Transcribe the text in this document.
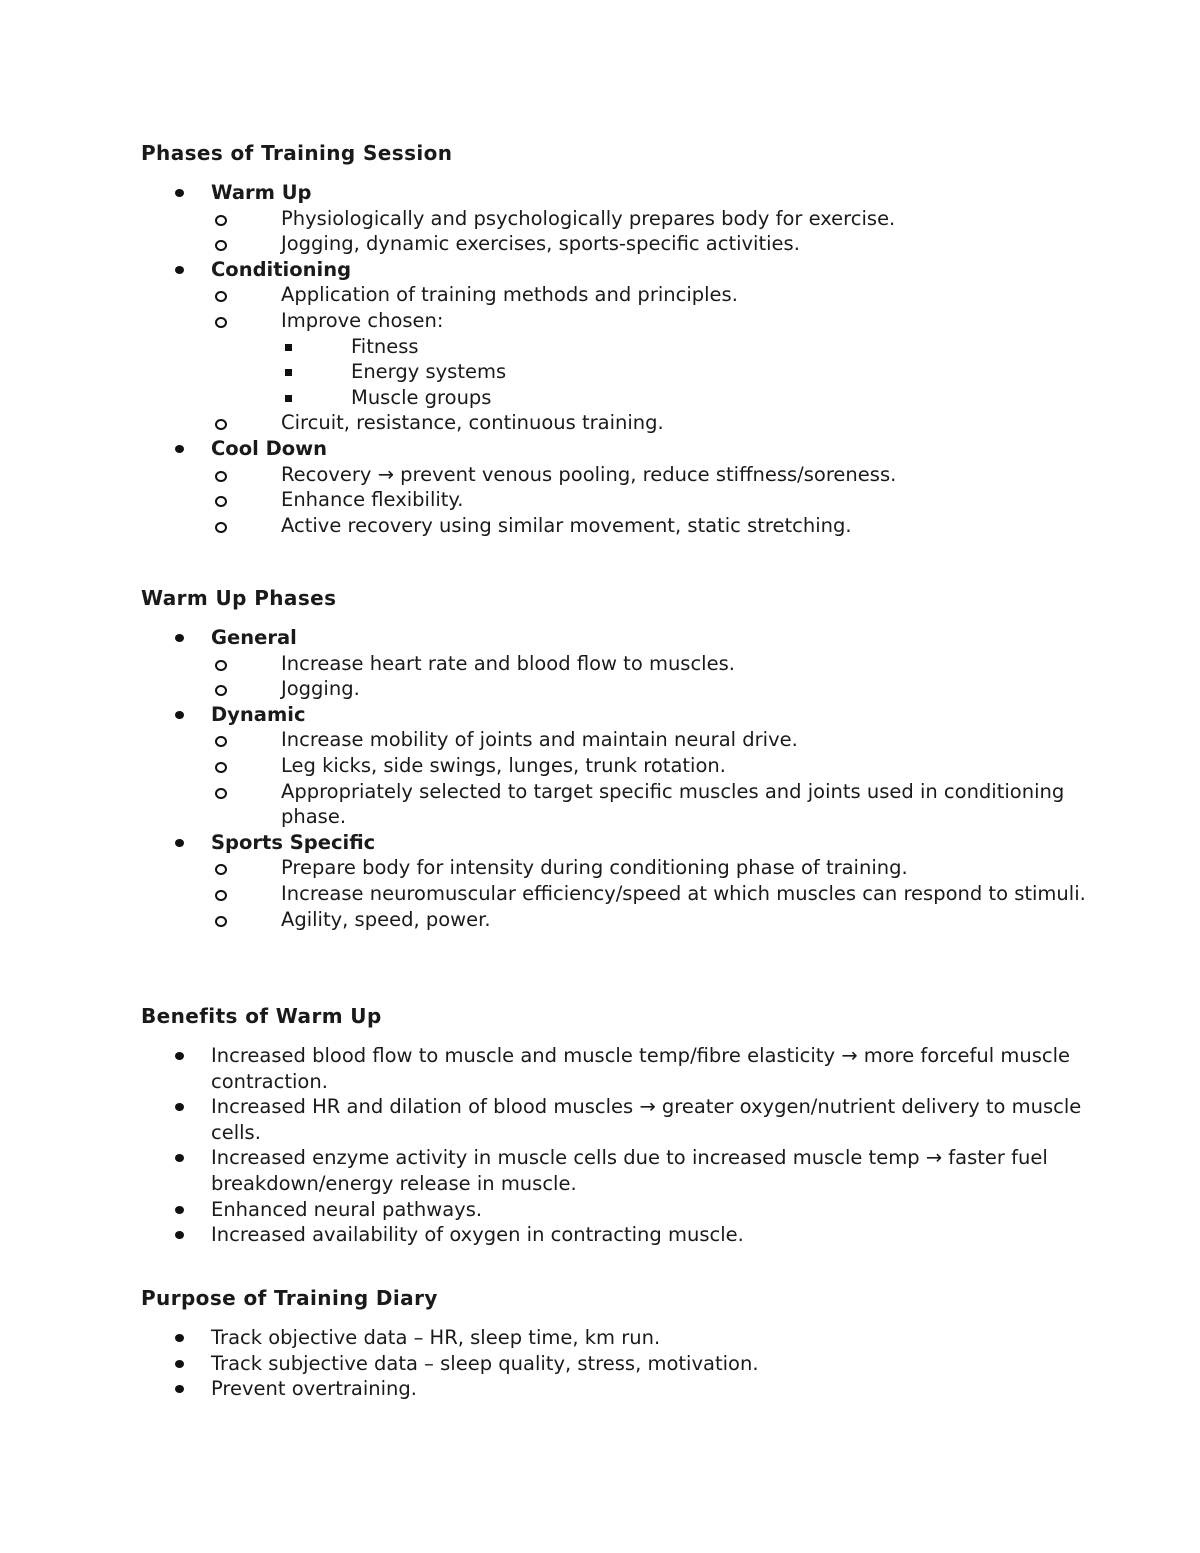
Phases of Training Session
Warm Up
Physiologically and psychologically prepares body for exercise.
Jogging, dynamic exercises, sports-specific activities.
Conditioning
Application of training methods and principles.
Improve chosen:
Fitness
Energy systems
Muscle groups
Circuit, resistance, continuous training.
Cool Down
Recovery → prevent venous pooling, reduce stiffness/soreness.
Enhance flexibility.
Active recovery using similar movement, static stretching.
Warm Up Phases
General
Increase heart rate and blood flow to muscles.
Jogging.
Dynamic
Increase mobility of joints and maintain neural drive.
Leg kicks, side swings, lunges, trunk rotation.
Appropriately selected to target specific muscles and joints used in conditioning phase.
Sports Specific
Prepare body for intensity during conditioning phase of training.
Increase neuromuscular efficiency/speed at which muscles can respond to stimuli.
Agility, speed, power.
Benefits of Warm Up
Increased blood flow to muscle and muscle temp/fibre elasticity → more forceful muscle contraction.
Increased HR and dilation of blood muscles → greater oxygen/nutrient delivery to muscle cells.
Increased enzyme activity in muscle cells due to increased muscle temp → faster fuel breakdown/energy release in muscle.
Enhanced neural pathways.
Increased availability of oxygen in contracting muscle.
Purpose of Training Diary
Track objective data – HR, sleep time, km run.
Track subjective data – sleep quality, stress, motivation.
Prevent overtraining.
